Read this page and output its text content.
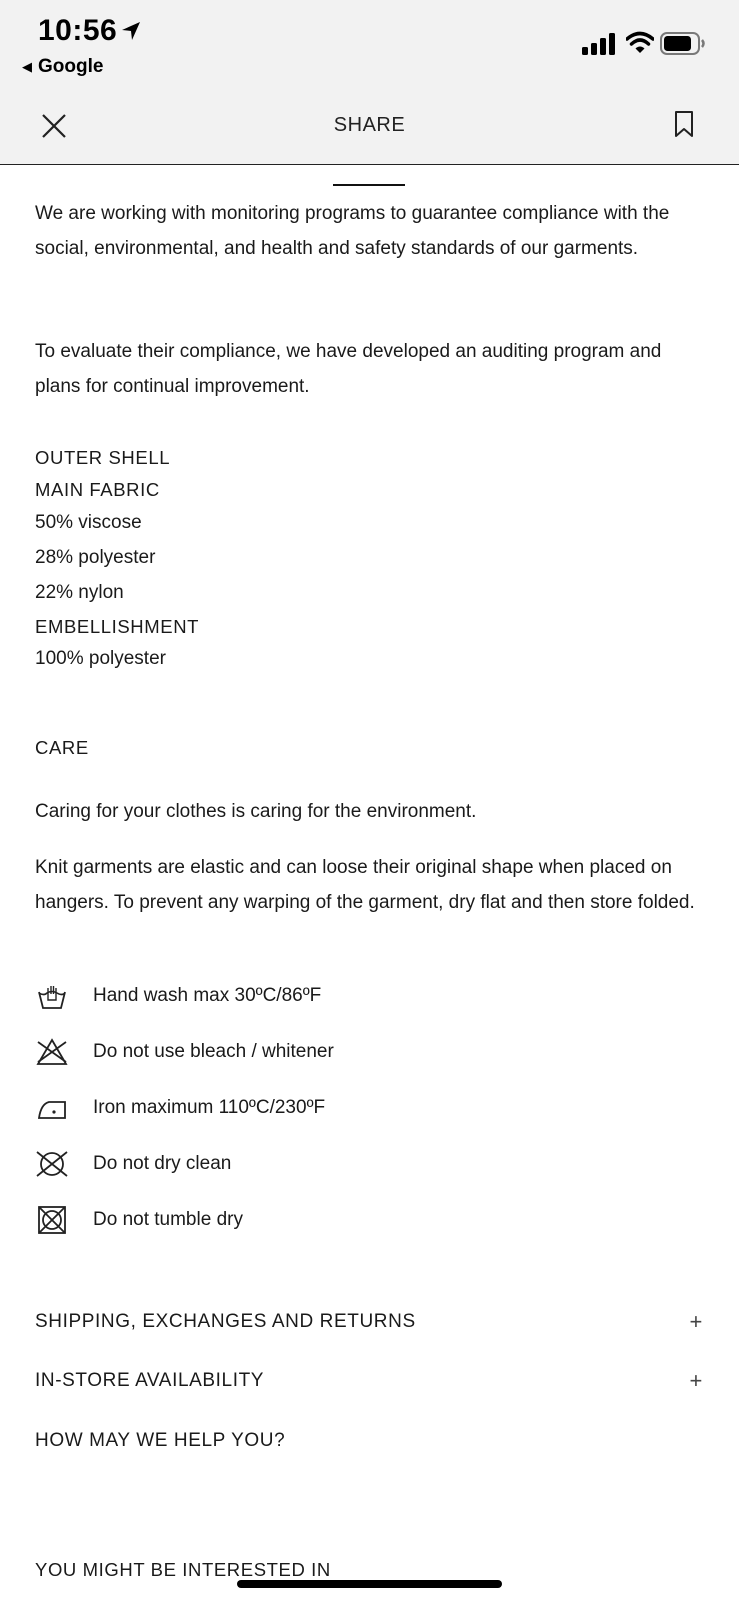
10:56
◀ Google
SHARE
We are working with monitoring programs to guarantee compliance with the social, environmental, and health and safety standards of our garments.
To evaluate their compliance, we have developed an auditing program and plans for continual improvement.
OUTER SHELL
MAIN FABRIC
50% viscose
28% polyester
22% nylon
EMBELLISHMENT
100% polyester
CARE
Caring for your clothes is caring for the environment.
Knit garments are elastic and can loose their original shape when placed on hangers. To prevent any warping of the garment, dry flat and then store folded.
Hand wash max 30ºC/86ºF
Do not use bleach / whitener
Iron maximum 110ºC/230ºF
Do not dry clean
Do not tumble dry
SHIPPING, EXCHANGES AND RETURNS	+
IN-STORE AVAILABILITY	+
HOW MAY WE HELP YOU?
YOU MIGHT BE INTERESTED IN
